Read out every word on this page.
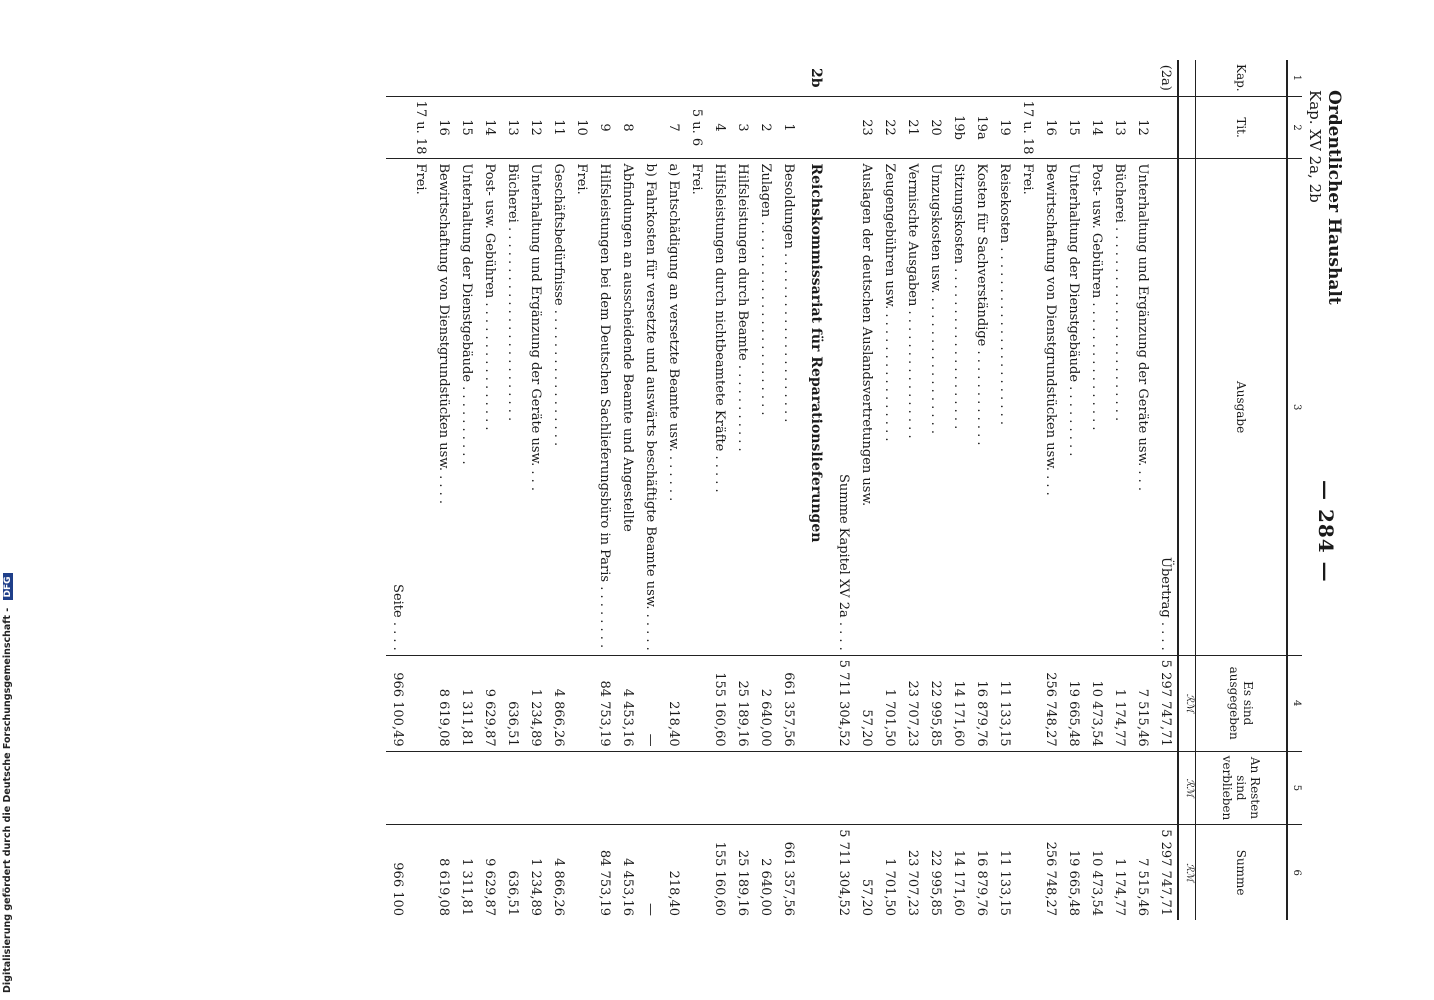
Digitalisierung gefördert durch die Deutsche Forschungsgemeinschaft - DFG
Ordentlicher Haushalt
Kap. XV 2a, 2b
— 284 —
1	2	3	4	5	6
Kap.	Tit.	Ausgabe	Es sind ausgegeben	An Resten sind verblieben	Summe
			ℛℳ	ℛℳ	ℛℳ
(2a)		Übertrag . . . .	5 297 747,71		5 297 747,71
	12	Unterhaltung und Ergänzung der Geräte usw. . . .	7 515,46		7 515,46
	13	Bücherei . . . . . . . . . . . . . . . . . . . . . . . .	1 174,77		1 174,77
	14	Post- usw. Gebühren . . . . . . . . . . . . . . . .	10 473,54		10 473,54
	15	Unterhaltung der Dienstgebäude . . . . . . . . .	19 665,48		19 665,48
	16	Bewirtschaftung von Dienstgrundstücken usw. . . .	256 748,27		256 748,27
	17 u. 18	Frei.			
	19	Reisekosten . . . . . . . . . . . . . . . . . . . . . .	11 133,15		11 133,15
	19a	Kosten für Sachverständige . . . . . . . . . . . .	16 879,76		16 879,76
	19b	Sitzungskosten . . . . . . . . . . . . . . . . . . . .	14 171,60		14 171,60
	20	Umzugskosten usw. . . . . . . . . . . . . . . . . .	22 995,85		22 995,85
	21	Vermischte Ausgaben . . . . . . . . . . . . . . . .	23 707,23		23 707,23
	22	Zeugengebühren usw. . . . . . . . . . . . . . . . .	1 701,50		1 701,50
	23	Auslagen der deutschen Auslandsvertretungen usw.	57,20		57,20
		Summe Kapitel XV 2a . . . .	5 711 304,52		5 711 304,52
2b		Reichskommissariat für Reparationslieferungen			
	1	Besoldungen . . . . . . . . . . . . . . . . . . . . .	661 357,56		661 357,56
	2	Zulagen . . . . . . . . . . . . . . . . . . . . . . . .	2 640,00		2 640,00
	3	Hilfsleistungen durch Beamte . . . . . . . . . . .	25 189,16		25 189,16
	4	Hilfsleistungen durch nichtbeamtete Kräfte . . . . .	155 160,60		155 160,60
	5 u. 6	Frei.			
	7	a) Entschädigung an versetzte Beamte usw. . . . . . .	218,40		218,40
		b) Fahrkosten für versetzte und auswärts beschäftigte Beamte usw. . . . . .	—		—
	8	Abfindungen an ausscheidende Beamte und Angestellte	4 453,16		4 453,16
	9	Hilfsleistungen bei dem Deutschen Sachlieferungsbüro in Paris . . . . . . . .	84 753,19		84 753,19
	10	Frei.			
	11	Geschäftsbedürfnisse . . . . . . . . . . . . . . . . .	4 866,26		4 866,26
	12	Unterhaltung und Ergänzung der Geräte usw. . . .	1 234,89		1 234,89
	13	Bücherei . . . . . . . . . . . . . . . . . . . . . . . .	636,51		636,51
	14	Post- usw. Gebühren . . . . . . . . . . . . . . . .	9 629,87		9 629,87
	15	Unterhaltung der Dienstgebäude . . . . . . . . . .	1 311,81		1 311,81
	16	Bewirtschaftung von Dienstgrundstücken usw. . . . .	8 619,08		8 619,08
	17 u. 18	Frei.			
		Seite . . . .	966 100,49		966 100
